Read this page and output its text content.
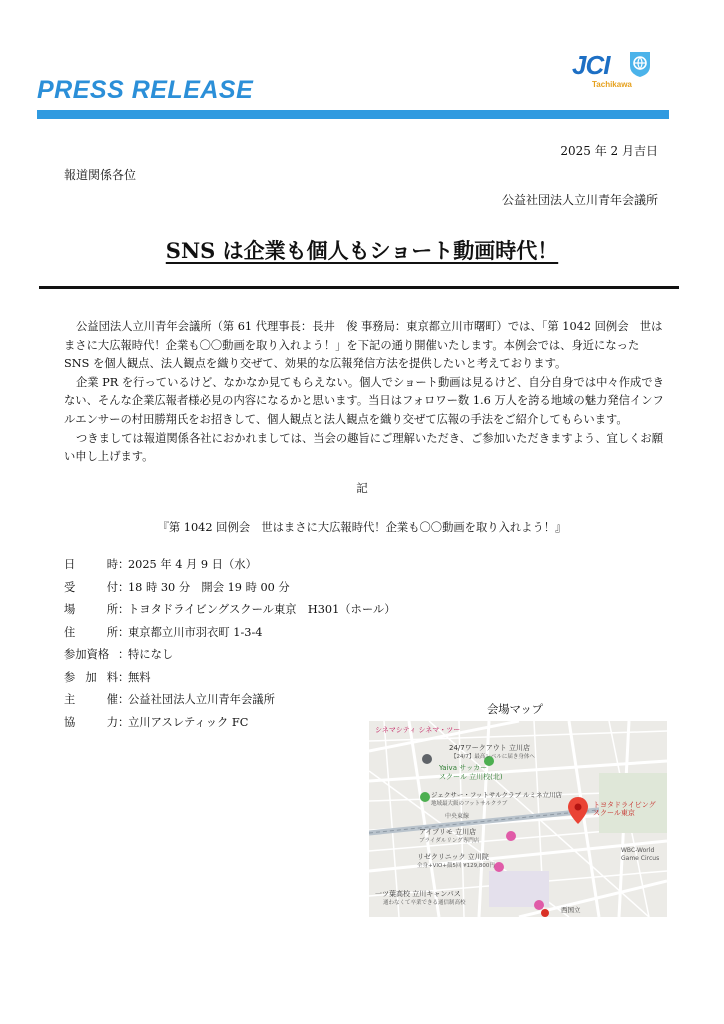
PRESS RELEASE
JCI
Tachikawa
2025 年 2 月吉日
報道関係各位
公益社団法人立川青年会議所
SNS は企業も個人もショート動画時代！

公益団法人立川青年会議所（第 61 代理事長：長井　俊 事務局：東京都立川市曙町）では、「第 1042 回例会　世はまさに大広報時代！企業も〇〇動画を取り入れよう！」を下記の通り開催いたします。本例会では、身近になった SNS を個人観点、法人観点を織り交ぜて、効果的な広報発信方法を提供したいと考えております。

企業 PR を行っているけど、なかなか見てもらえない。個人でショート動画は見るけど、自分自身では中々作成できない、そんな企業広報者様必見の内容になるかと思います。当日はフォロワー数 1.6 万人を誇る地域の魅力発信インフルエンサーの村田勝翔氏をお招きして、個人観点と法人観点を織り交ぜて広報の手法をご紹介してもらいます。

つきましては報道関係各社におかれましては、当会の趣旨にご理解いただき、ご参加いただきますよう、宜しくお願い申し上げます。

記
『第 1042 回例会　世はまさに大広報時代！企業も〇〇動画を取り入れよう！』
日	時 ：
2025 年 4 月 9 日（水）
受	付 ：
18 時 30 分　開会 19 時 00 分
場	所 ：
トヨタドライビングスクール東京　H301（ホール）
住	所 ：
東京都立川市羽衣町 1-3-4
参加資格 ：
特になし
参 加 料 ：
無料
主	催 ：
公益社団法人立川青年会議所
協	力 ：
立川アスレティック FC
会場マップ
シネマシティ シネマ・ツー
24/7ワークアウト 立川店
【24/7】最高レベルに届き身体へ
Yaiva サッカー
スクール 立川校(北)
ジェクサー・フットサルクラブ ルミネ立川店
地域最大級のフットサルクラブ	トヨタドライビングスクール東京
中央東線
アイプリモ 立川店
ブライダルリング専門店
リゼクリニック 立川院
全身+VIO+顔5回 ¥129,800円
WBC-World Game Circus
一ツ葉高校 立川キャンパス
通わなくて卒業できる通信制高校
西国立
